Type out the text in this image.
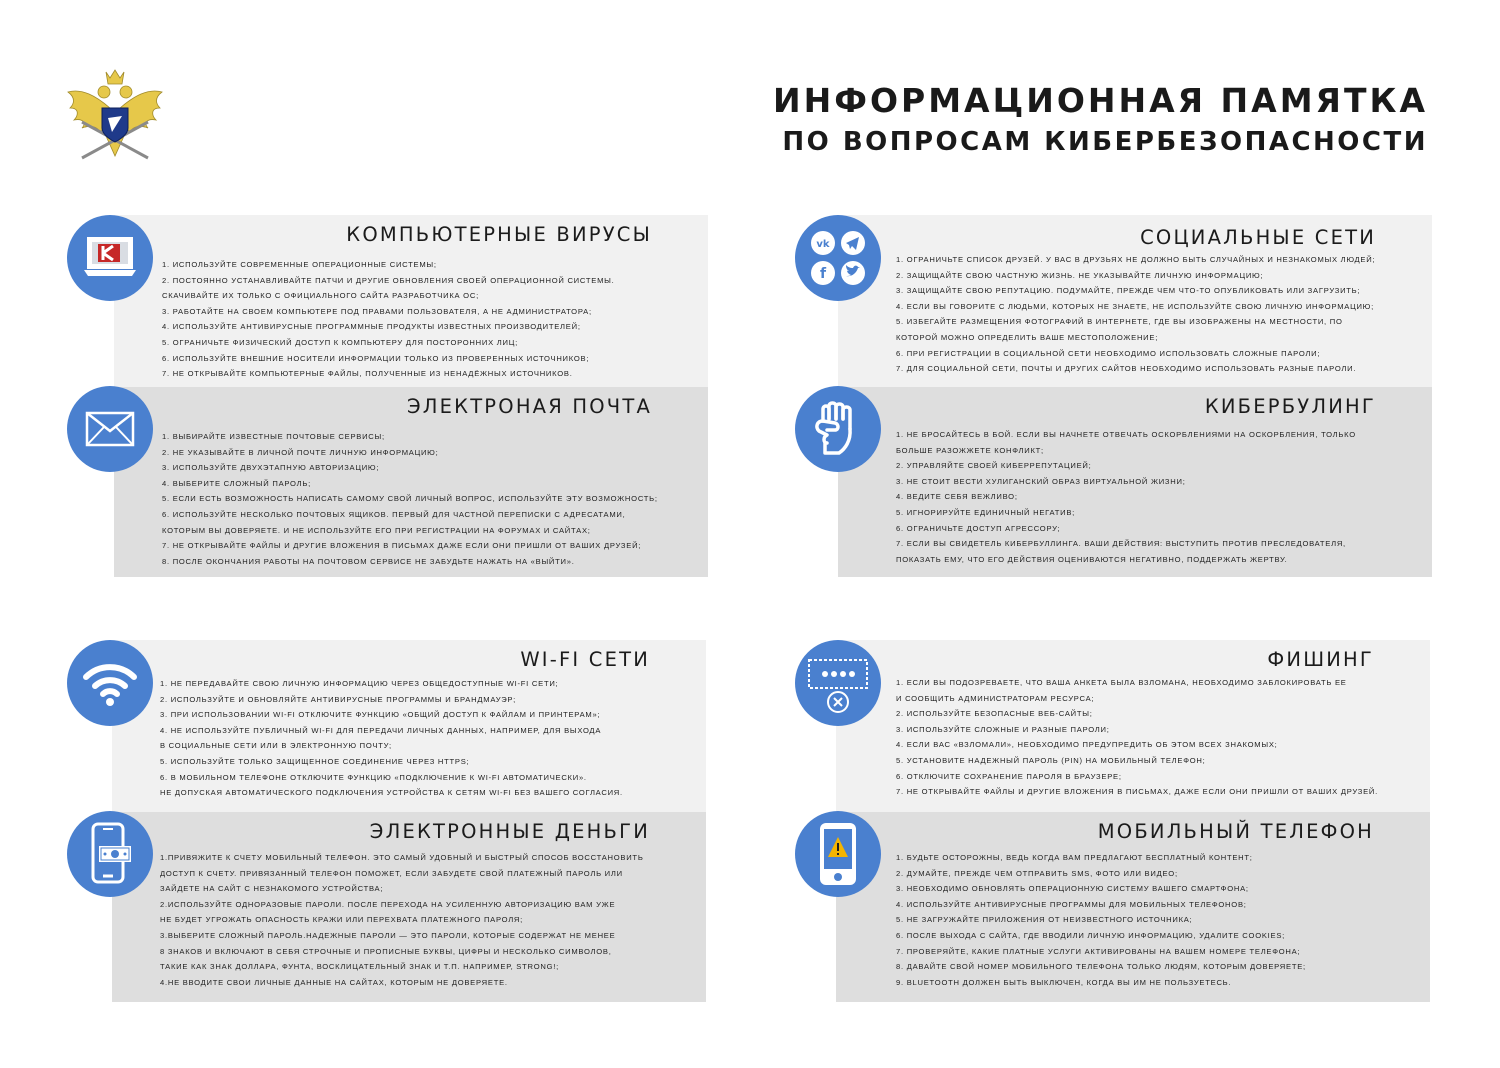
ИНФОРМАЦИОННАЯ ПАМЯТКА
ПО ВОПРОСАМ КИБЕРБЕЗОПАСНОСТИ
КОМПЬЮТЕРНЫЕ ВИРУСЫ
1. ИСПОЛЬЗУЙТЕ СОВРЕМЕННЫЕ ОПЕРАЦИОННЫЕ СИСТЕМЫ;
2. ПОСТОЯННО УСТАНАВЛИВАЙТЕ ПАТЧИ И ДРУГИЕ ОБНОВЛЕНИЯ СВОЕЙ ОПЕРАЦИОННОЙ СИСТЕМЫ.
СКАЧИВАЙТЕ ИХ ТОЛЬКО С ОФИЦИАЛЬНОГО САЙТА РАЗРАБОТЧИКА ОС;
3. РАБОТАЙТЕ НА СВОЕМ КОМПЬЮТЕРЕ ПОД ПРАВАМИ ПОЛЬЗОВАТЕЛЯ, А НЕ АДМИНИСТРАТОРА;
4. ИСПОЛЬЗУЙТЕ АНТИВИРУСНЫЕ ПРОГРАММНЫЕ ПРОДУКТЫ ИЗВЕСТНЫХ ПРОИЗВОДИТЕЛЕЙ;
5. ОГРАНИЧЬТЕ ФИЗИЧЕСКИЙ ДОСТУП К КОМПЬЮТЕРУ ДЛЯ ПОСТОРОННИХ ЛИЦ;
6. ИСПОЛЬЗУЙТЕ ВНЕШНИЕ НОСИТЕЛИ ИНФОРМАЦИИ ТОЛЬКО ИЗ ПРОВЕРЕННЫХ ИСТОЧНИКОВ;
7. НЕ ОТКРЫВАЙТЕ КОМПЬЮТЕРНЫЕ ФАЙЛЫ, ПОЛУЧЕННЫЕ ИЗ НЕНАДЁЖНЫХ ИСТОЧНИКОВ.
ЭЛЕКТРОНАЯ ПОЧТА
1. ВЫБИРАЙТЕ ИЗВЕСТНЫЕ ПОЧТОВЫЕ СЕРВИСЫ;
2. НЕ УКАЗЫВАЙТЕ В ЛИЧНОЙ ПОЧТЕ ЛИЧНУЮ ИНФОРМАЦИЮ;
3. ИСПОЛЬЗУЙТЕ ДВУХЭТАПНУЮ АВТОРИЗАЦИЮ;
4. ВЫБЕРИТЕ СЛОЖНЫЙ ПАРОЛЬ;
5. ЕСЛИ ЕСТЬ ВОЗМОЖНОСТЬ НАПИСАТЬ САМОМУ СВОЙ ЛИЧНЫЙ ВОПРОС, ИСПОЛЬЗУЙТЕ ЭТУ ВОЗМОЖНОСТЬ;
6. ИСПОЛЬЗУЙТЕ НЕСКОЛЬКО ПОЧТОВЫХ ЯЩИКОВ. ПЕРВЫЙ ДЛЯ ЧАСТНОЙ ПЕРЕПИСКИ С АДРЕСАТАМИ,
КОТОРЫМ ВЫ ДОВЕРЯЕТЕ. И НЕ ИСПОЛЬЗУЙТЕ ЕГО ПРИ РЕГИСТРАЦИИ НА ФОРУМАХ И САЙТАХ;
7. НЕ ОТКРЫВАЙТЕ ФАЙЛЫ И ДРУГИЕ ВЛОЖЕНИЯ В ПИСЬМАХ ДАЖЕ ЕСЛИ ОНИ ПРИШЛИ ОТ ВАШИХ ДРУЗЕЙ;
8. ПОСЛЕ ОКОНЧАНИЯ РАБОТЫ НА ПОЧТОВОМ СЕРВИСЕ НЕ ЗАБУДЬТЕ НАЖАТЬ НА «ВЫЙТИ».
WI-FI СЕТИ
1. НЕ ПЕРЕДАВАЙТЕ СВОЮ ЛИЧНУЮ ИНФОРМАЦИЮ ЧЕРЕЗ ОБЩЕДОСТУПНЫЕ WI-FI СЕТИ;
2. ИСПОЛЬЗУЙТЕ И ОБНОВЛЯЙТЕ АНТИВИРУСНЫЕ ПРОГРАММЫ И БРАНДМАУЭР;
3. ПРИ ИСПОЛЬЗОВАНИИ WI-FI ОТКЛЮЧИТЕ ФУНКЦИЮ «ОБЩИЙ ДОСТУП К ФАЙЛАМ И ПРИНТЕРАМ»;
4. НЕ ИСПОЛЬЗУЙТЕ ПУБЛИЧНЫЙ WI-FI ДЛЯ ПЕРЕДАЧИ ЛИЧНЫХ ДАННЫХ, НАПРИМЕР, ДЛЯ ВЫХОДА
В СОЦИАЛЬНЫЕ СЕТИ ИЛИ В ЭЛЕКТРОННУЮ ПОЧТУ;
5. ИСПОЛЬЗУЙТЕ ТОЛЬКО ЗАЩИЩЕННОЕ СОЕДИНЕНИЕ ЧЕРЕЗ HTTPS;
6. В МОБИЛЬНОМ ТЕЛЕФОНЕ ОТКЛЮЧИТЕ ФУНКЦИЮ «ПОДКЛЮЧЕНИЕ К WI-FI АВТОМАТИЧЕСКИ».
НЕ ДОПУСКАЯ АВТОМАТИЧЕСКОГО ПОДКЛЮЧЕНИЯ УСТРОЙСТВА К СЕТЯМ WI-FI БЕЗ ВАШЕГО СОГЛАСИЯ.
ЭЛЕКТРОННЫЕ ДЕНЬГИ
1.ПРИВЯЖИТЕ К СЧЕТУ МОБИЛЬНЫЙ ТЕЛЕФОН. ЭТО САМЫЙ УДОБНЫЙ И БЫСТРЫЙ СПОСОБ ВОССТАНОВИТЬ
ДОСТУП К СЧЕТУ. ПРИВЯЗАННЫЙ ТЕЛЕФОН ПОМОЖЕТ, ЕСЛИ ЗАБУДЕТЕ СВОЙ ПЛАТЕЖНЫЙ ПАРОЛЬ ИЛИ
ЗАЙДЕТЕ НА САЙТ С НЕЗНАКОМОГО УСТРОЙСТВА;
2.ИСПОЛЬЗУЙТЕ ОДНОРАЗОВЫЕ ПАРОЛИ. ПОСЛЕ ПЕРЕХОДА НА УСИЛЕННУЮ АВТОРИЗАЦИЮ ВАМ УЖЕ
НЕ БУДЕТ УГРОЖАТЬ ОПАСНОСТЬ КРАЖИ ИЛИ ПЕРЕХВАТА ПЛАТЕЖНОГО ПАРОЛЯ;
3.ВЫБЕРИТЕ СЛОЖНЫЙ ПАРОЛЬ.НАДЕЖНЫЕ ПАРОЛИ — ЭТО ПАРОЛИ, КОТОРЫЕ СОДЕРЖАТ НЕ МЕНЕЕ
8 ЗНАКОВ И ВКЛЮЧАЮТ В СЕБЯ СТРОЧНЫЕ И ПРОПИСНЫЕ БУКВЫ, ЦИФРЫ И НЕСКОЛЬКО СИМВОЛОВ,
ТАКИЕ КАК ЗНАК ДОЛЛАРА, ФУНТА, ВОСКЛИЦАТЕЛЬНЫЙ ЗНАК И Т.П. НАПРИМЕР, STRONG!;
4.НЕ ВВОДИТЕ СВОИ ЛИЧНЫЕ ДАННЫЕ НА САЙТАХ, КОТОРЫМ НЕ ДОВЕРЯЕТЕ.
СОЦИАЛЬНЫЕ СЕТИ
1. ОГРАНИЧЬТЕ СПИСОК ДРУЗЕЙ. У ВАС В ДРУЗЬЯХ НЕ ДОЛЖНО БЫТЬ СЛУЧАЙНЫХ И НЕЗНАКОМЫХ ЛЮДЕЙ;
2. ЗАЩИЩАЙТЕ СВОЮ ЧАСТНУЮ ЖИЗНЬ. НЕ УКАЗЫВАЙТЕ ЛИЧНУЮ ИНФОРМАЦИЮ;
3. ЗАЩИЩАЙТЕ СВОЮ РЕПУТАЦИЮ. ПОДУМАЙТЕ, ПРЕЖДЕ ЧЕМ ЧТО-ТО ОПУБЛИКОВАТЬ ИЛИ ЗАГРУЗИТЬ;
4. ЕСЛИ ВЫ ГОВОРИТЕ С ЛЮДЬМИ, КОТОРЫХ НЕ ЗНАЕТЕ, НЕ ИСПОЛЬЗУЙТЕ СВОЮ ЛИЧНУЮ ИНФОРМАЦИЮ;
5. ИЗБЕГАЙТЕ РАЗМЕЩЕНИЯ ФОТОГРАФИЙ В ИНТЕРНЕТЕ, ГДЕ ВЫ ИЗОБРАЖЕНЫ НА МЕСТНОСТИ, ПО
КОТОРОЙ МОЖНО ОПРЕДЕЛИТЬ ВАШЕ МЕСТОПОЛОЖЕНИЕ;
6. ПРИ РЕГИСТРАЦИИ В СОЦИАЛЬНОЙ СЕТИ НЕОБХОДИМО ИСПОЛЬЗОВАТЬ СЛОЖНЫЕ ПАРОЛИ;
7. ДЛЯ СОЦИАЛЬНОЙ СЕТИ, ПОЧТЫ И ДРУГИХ САЙТОВ НЕОБХОДИМО ИСПОЛЬЗОВАТЬ РАЗНЫЕ ПАРОЛИ.
vk
f
КИБЕРБУЛИНГ
1. НЕ БРОСАЙТЕСЬ В БОЙ. ЕСЛИ ВЫ НАЧНЕТЕ ОТВЕЧАТЬ ОСКОРБЛЕНИЯМИ НА ОСКОРБЛЕНИЯ, ТОЛЬКО
БОЛЬШЕ РАЗОЖЖЕТЕ КОНФЛИКТ;
2. УПРАВЛЯЙТЕ СВОЕЙ КИБЕРРЕПУТАЦИЕЙ;
3. НЕ СТОИТ ВЕСТИ ХУЛИГАНСКИЙ ОБРАЗ ВИРТУАЛЬНОЙ ЖИЗНИ;
4. ВЕДИТЕ СЕБЯ ВЕЖЛИВО;
5. ИГНОРИРУЙТЕ ЕДИНИЧНЫЙ НЕГАТИВ;
6. ОГРАНИЧЬТЕ ДОСТУП АГРЕССОРУ;
7. ЕСЛИ ВЫ СВИДЕТЕЛЬ КИБЕРБУЛЛИНГА. ВАШИ ДЕЙСТВИЯ: ВЫСТУПИТЬ ПРОТИВ ПРЕСЛЕДОВАТЕЛЯ,
ПОКАЗАТЬ ЕМУ, ЧТО ЕГО ДЕЙСТВИЯ ОЦЕНИВАЮТСЯ НЕГАТИВНО, ПОДДЕРЖАТЬ ЖЕРТВУ.
ФИШИНГ
1. ЕСЛИ ВЫ ПОДОЗРЕВАЕТЕ, ЧТО ВАША АНКЕТА БЫЛА ВЗЛОМАНА, НЕОБХОДИМО ЗАБЛОКИРОВАТЬ ЕЕ
И СООБЩИТЬ АДМИНИСТРАТОРАМ РЕСУРСА;
2. ИСПОЛЬЗУЙТЕ БЕЗОПАСНЫЕ ВЕБ-САЙТЫ;
3. ИСПОЛЬЗУЙТЕ СЛОЖНЫЕ И РАЗНЫЕ ПАРОЛИ;
4. ЕСЛИ ВАС «ВЗЛОМАЛИ», НЕОБХОДИМО ПРЕДУПРЕДИТЬ ОБ ЭТОМ ВСЕХ ЗНАКОМЫХ;
5. УСТАНОВИТЕ НАДЕЖНЫЙ ПАРОЛЬ (PIN) НА МОБИЛЬНЫЙ ТЕЛЕФОН;
6. ОТКЛЮЧИТЕ СОХРАНЕНИЕ ПАРОЛЯ В БРАУЗЕРЕ;
7. НЕ ОТКРЫВАЙТЕ ФАЙЛЫ И ДРУГИЕ ВЛОЖЕНИЯ В ПИСЬМАХ, ДАЖЕ ЕСЛИ ОНИ ПРИШЛИ ОТ ВАШИХ ДРУЗЕЙ.
МОБИЛЬНЫЙ ТЕЛЕФОН
1. БУДЬТЕ ОСТОРОЖНЫ, ВЕДЬ КОГДА ВАМ ПРЕДЛАГАЮТ БЕСПЛАТНЫЙ КОНТЕНТ;
2. ДУМАЙТЕ, ПРЕЖДЕ ЧЕМ ОТПРАВИТЬ SMS, ФОТО ИЛИ ВИДЕО;
3. НЕОБХОДИМО ОБНОВЛЯТЬ ОПЕРАЦИОННУЮ СИСТЕМУ ВАШЕГО СМАРТФОНА;
4. ИСПОЛЬЗУЙТЕ АНТИВИРУСНЫЕ ПРОГРАММЫ ДЛЯ МОБИЛЬНЫХ ТЕЛЕФОНОВ;
5. НЕ ЗАГРУЖАЙТЕ ПРИЛОЖЕНИЯ ОТ НЕИЗВЕСТНОГО ИСТОЧНИКА;
6. ПОСЛЕ ВЫХОДА С САЙТА, ГДЕ ВВОДИЛИ ЛИЧНУЮ ИНФОРМАЦИЮ, УДАЛИТЕ COOKIES;
7. ПРОВЕРЯЙТЕ, КАКИЕ ПЛАТНЫЕ УСЛУГИ АКТИВИРОВАНЫ НА ВАШЕМ НОМЕРЕ ТЕЛЕФОНА;
8. ДАВАЙТЕ СВОЙ НОМЕР МОБИЛЬНОГО ТЕЛЕФОНА ТОЛЬКО ЛЮДЯМ, КОТОРЫМ ДОВЕРЯЕТЕ;
9. BLUETOOTH ДОЛЖЕН БЫТЬ ВЫКЛЮЧЕН, КОГДА ВЫ ИМ НЕ ПОЛЬЗУЕТЕСЬ.
